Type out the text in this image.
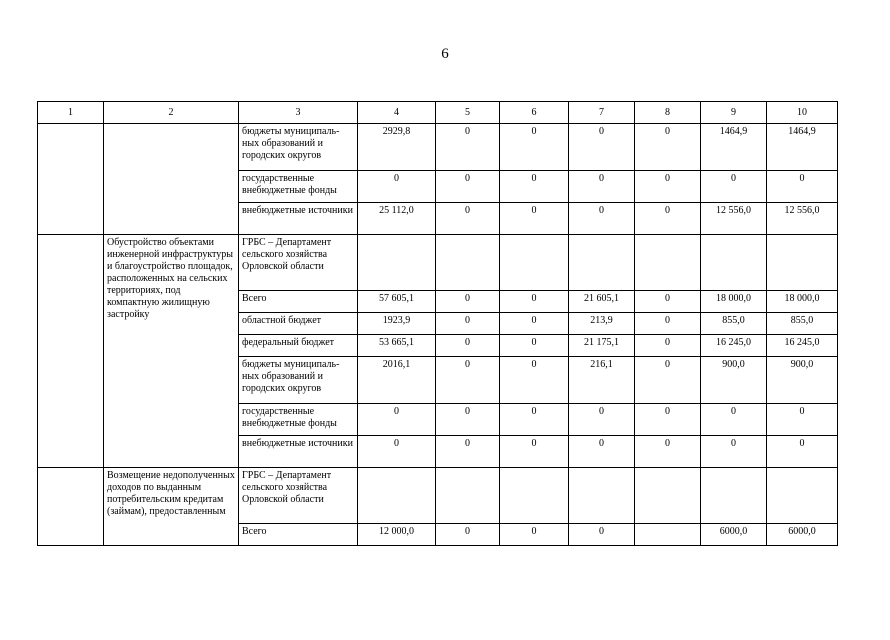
6
1	2	3	4	5	6	7	8	9	10
		бюджеты муниципаль-ных образований и городских округов	2929,8	0	0	0	0	1464,9	1464,9
		государственные внебюджетные фонды	0	0	0	0	0	0	0
		внебюджетные источники	25 112,0	0	0	0	0	12 556,0	12 556,0
	Обустройство объектами инженерной инфраструктуры и благоустройство площадок, расположенных на сельских территориях, под компактную жилищную застройку	ГРБС – Департамент сельского хозяйства Орловской области							
		Всего	57 605,1	0	0	21 605,1	0	18 000,0	18 000,0
		областной бюджет	1923,9	0	0	213,9	0	855,0	855,0
		федеральный бюджет	53 665,1	0	0	21 175,1	0	16 245,0	16 245,0
		бюджеты муниципаль-ных образований и городских округов	2016,1	0	0	216,1	0	900,0	900,0
		государственные внебюджетные фонды	0	0	0	0	0	0	0
		внебюджетные источники	0	0	0	0	0	0	0
	Возмещение недополученных доходов по выданным потребительским кредитам (займам), предоставленным	ГРБС – Департамент сельского хозяйства Орловской области							
		Всего	12 000,0	0	0	0		6000,0	6000,0
